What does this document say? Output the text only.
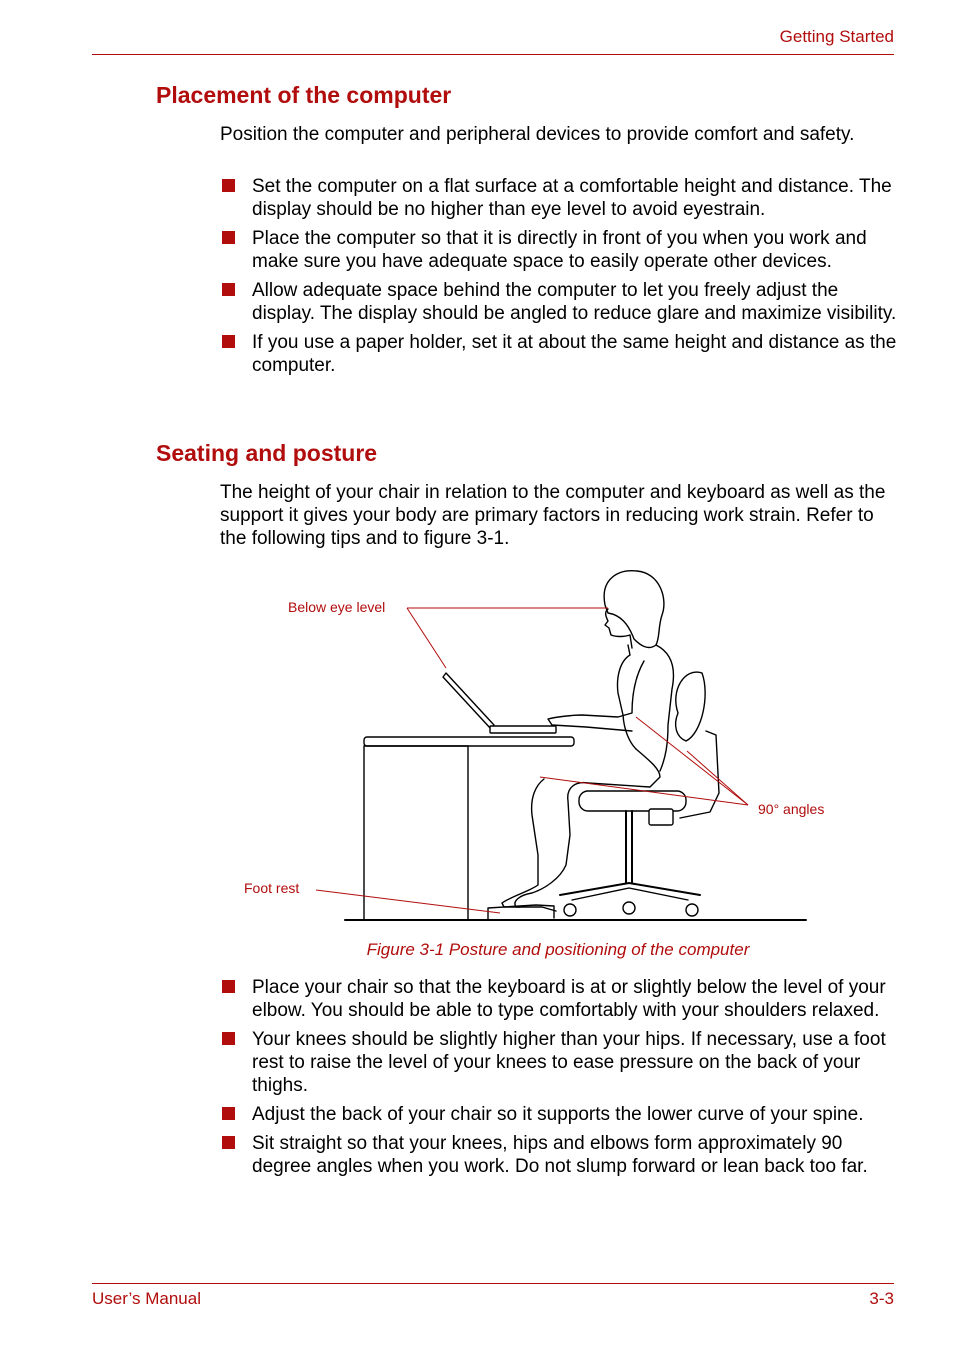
Getting Started
Placement of the computer

Position the computer and peripheral devices to provide comfort and safety.

Set the computer on a flat surface at a comfortable height and distance. The display should be no higher than eye level to avoid eyestrain.
Place the computer so that it is directly in front of you when you work and make sure you have adequate space to easily operate other devices.
Allow adequate space behind the computer to let you freely adjust the display. The display should be angled to reduce glare and maximize visibility.
If you use a paper holder, set it at about the same height and distance as the computer.
Seating and posture

The height of your chair in relation to the computer and keyboard as well as the support it gives your body are primary factors in reducing work strain. Refer to the following tips and to figure 3-1.

Below eye level
90° angles
Foot rest

Figure 3-1 Posture and positioning of the computer

Place your chair so that the keyboard is at or slightly below the level of your elbow. You should be able to type comfortably with your shoulders relaxed.
Your knees should be slightly higher than your hips. If necessary, use a foot rest to raise the level of your knees to ease pressure on the back of your thighs.
Adjust the back of your chair so it supports the lower curve of your spine.
Sit straight so that your knees, hips and elbows form approximately 90 degree angles when you work. Do not slump forward or lean back too far.
User’s Manual	3-3
